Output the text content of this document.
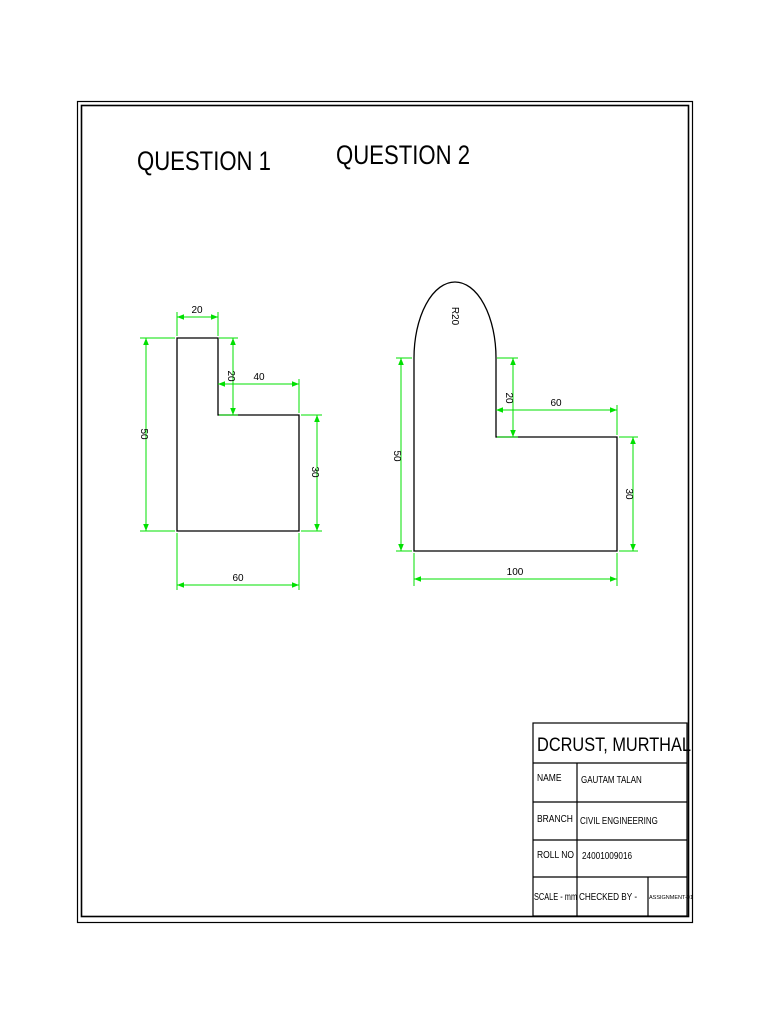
QUESTION 1 QUESTION 2
20
20 40
50
30
60
R20
50
20	60
30
100
DCRUST, MURTHAL
NAME GAUTAM TALAN
BRANCH CIVIL ENGINEERING
ROLL NO 24001009016
SCALE - mm CHECKED BY - ASSIGNMENT-01
